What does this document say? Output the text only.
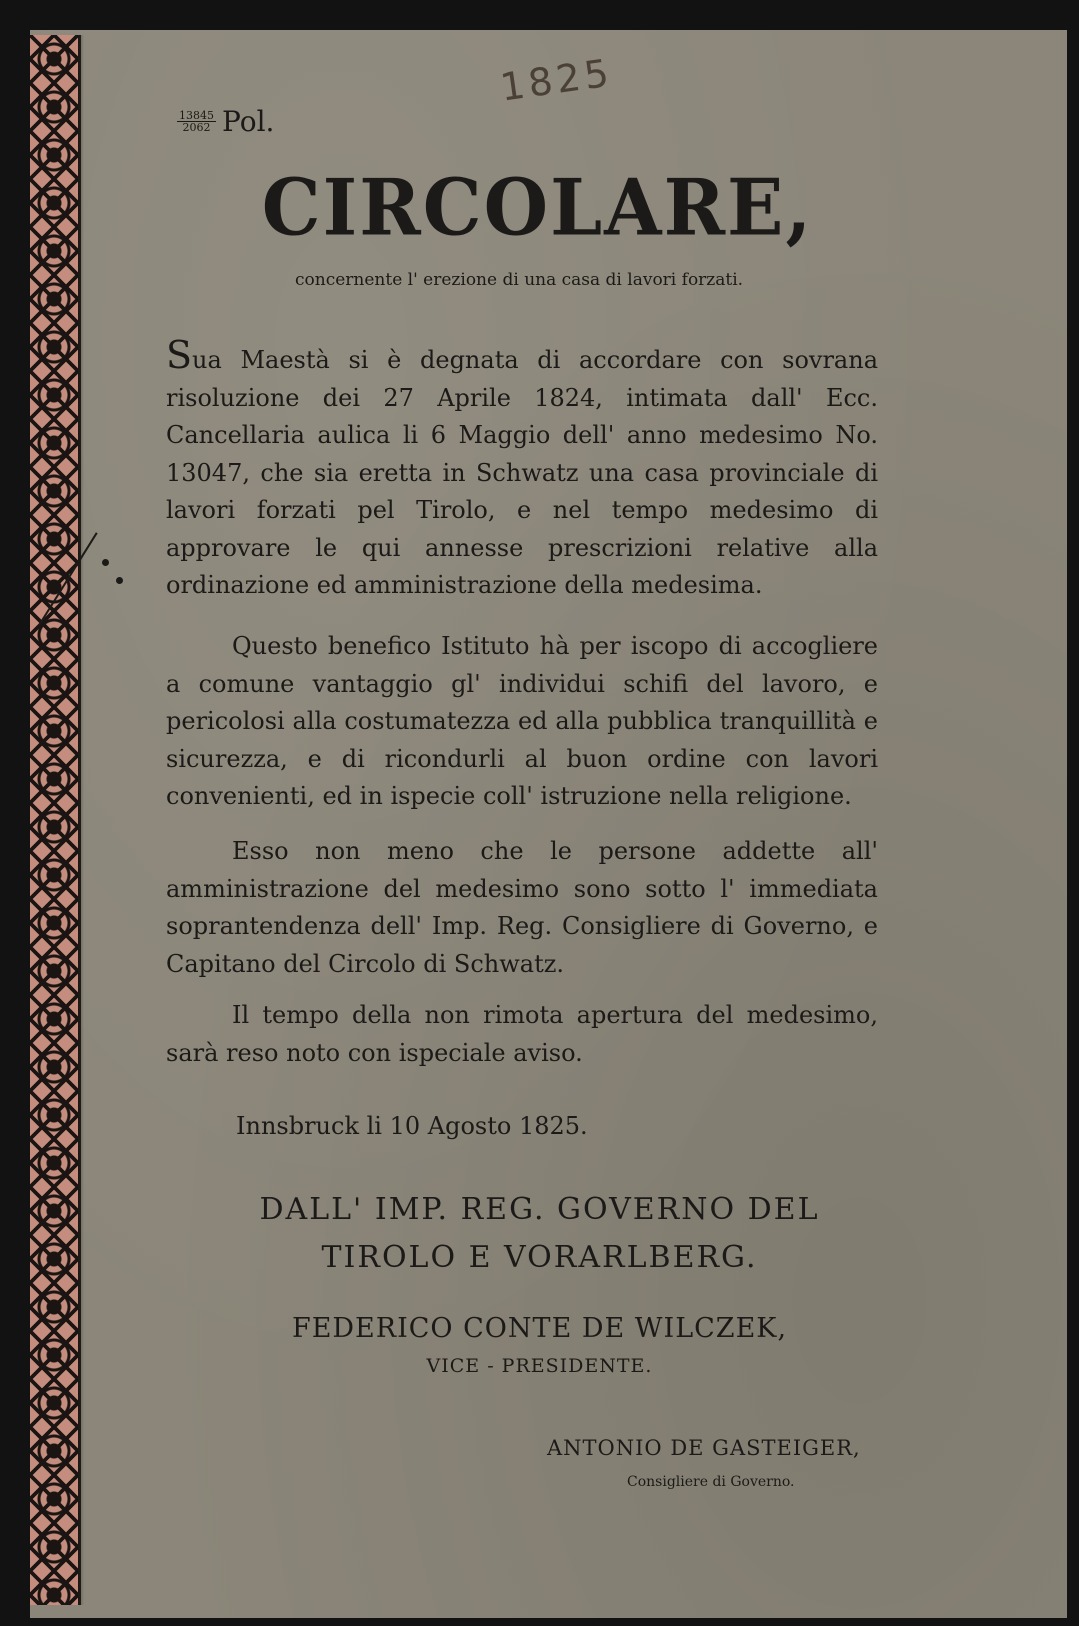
$\frac{13845}{2062}$ Pol.
1825
CIRCOLARE,

concernente l' erezione di una casa di lavori forzati.

Sua Maestà si è degnata di accordare con sovrana risoluzione dei 27 Aprile 1824, intimata dall' Ecc. Cancellaria aulica li 6 Maggio dell' anno medesimo No. 13047, che sia eretta in Schwatz una casa provinciale di lavori forzati pel Tirolo, e nel tempo medesimo di approvare le qui annesse prescrizioni relative alla ordinazione ed amministrazione della medesima.

Questo benefico Istituto hà per iscopo di accogliere a comune vantaggio gl' individui schifi del lavoro, e pericolosi alla costumatezza ed alla pubblica tranquillità e sicurezza, e di ricondurli al buon ordine con lavori convenienti, ed in ispecie coll' istruzione nella religione.

Esso non meno che le persone addette all' amministrazione del medesimo sono sotto l' immediata soprantendenza dell' Imp. Reg. Consigliere di Governo, e Capitano del Circolo di Schwatz.

Il tempo della non rimota apertura del medesimo, sarà reso noto con ispeciale aviso.

Innsbruck li 10 Agosto 1825.

DALL' IMP. REG. GOVERNO DEL

TIROLO E VORARLBERG.

FEDERICO CONTE DE WILCZEK,

VICE - PRESIDENTE.

ANTONIO DE GASTEIGER,

Consigliere di Governo.
